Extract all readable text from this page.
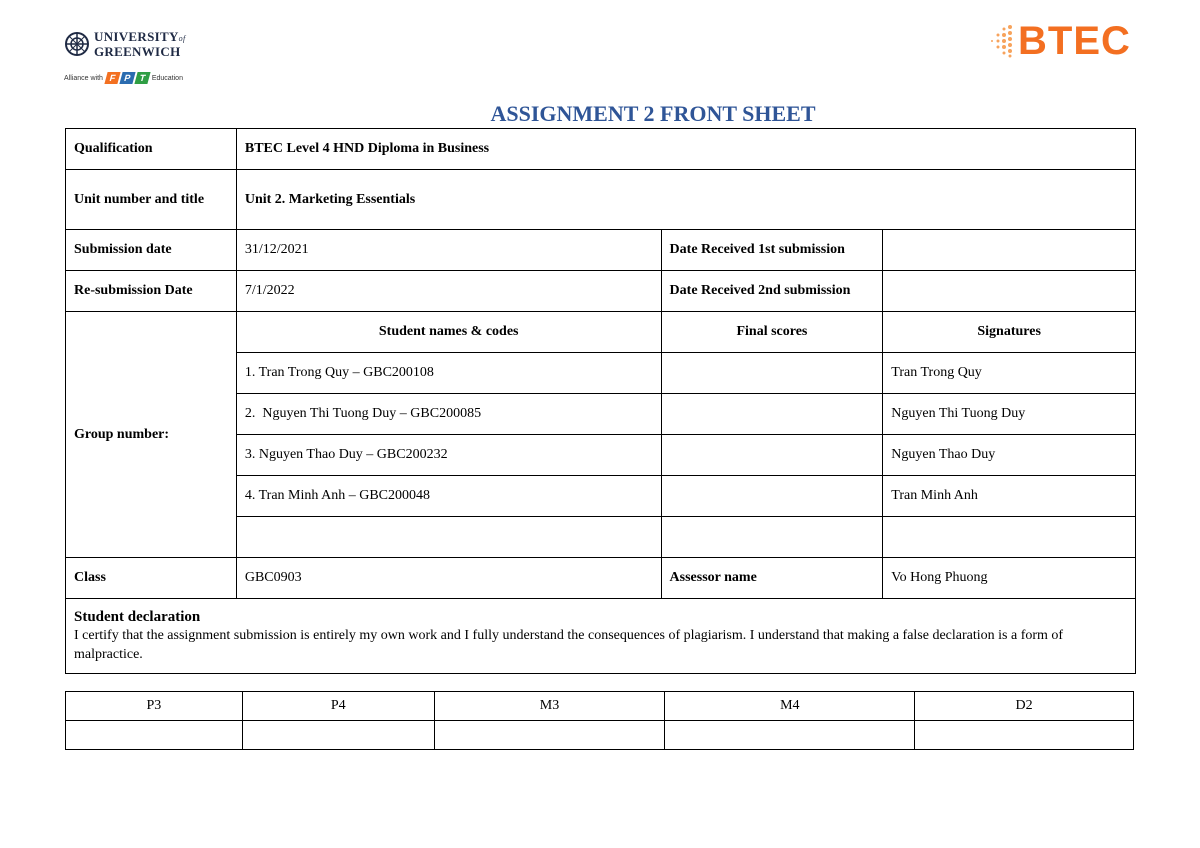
UNIVERSITYof
GREENWICH
Alliance with
F P T
Education
BTEC
ASSIGNMENT 2 FRONT SHEET
Qualification	BTEC Level 4 HND Diploma in Business		
Unit number and title	Unit 2. Marketing Essentials		
Submission date	31/12/2021	Date Received 1st submission	
Re-submission Date	7/1/2022	Date Received 2nd submission	
Group number:	Student names & codes	Final scores	Signatures
	1. Tran Trong Quy – GBC200108		Tran Trong Quy
	2.  Nguyen Thi Tuong Duy – GBC200085		Nguyen Thi Tuong Duy
	3. Nguyen Thao Duy – GBC200232		Nguyen Thao Duy
	4. Tran Minh Anh – GBC200048		Tran Minh Anh

Class	GBC0903	Assessor name	Vo Hong Phuong

Student declaration
I certify that the assignment submission is entirely my own work and I fully understand the consequences of plagiarism. I understand that making a false declaration is a form of malpractice.			
P3	P4	M3	M4	D2
